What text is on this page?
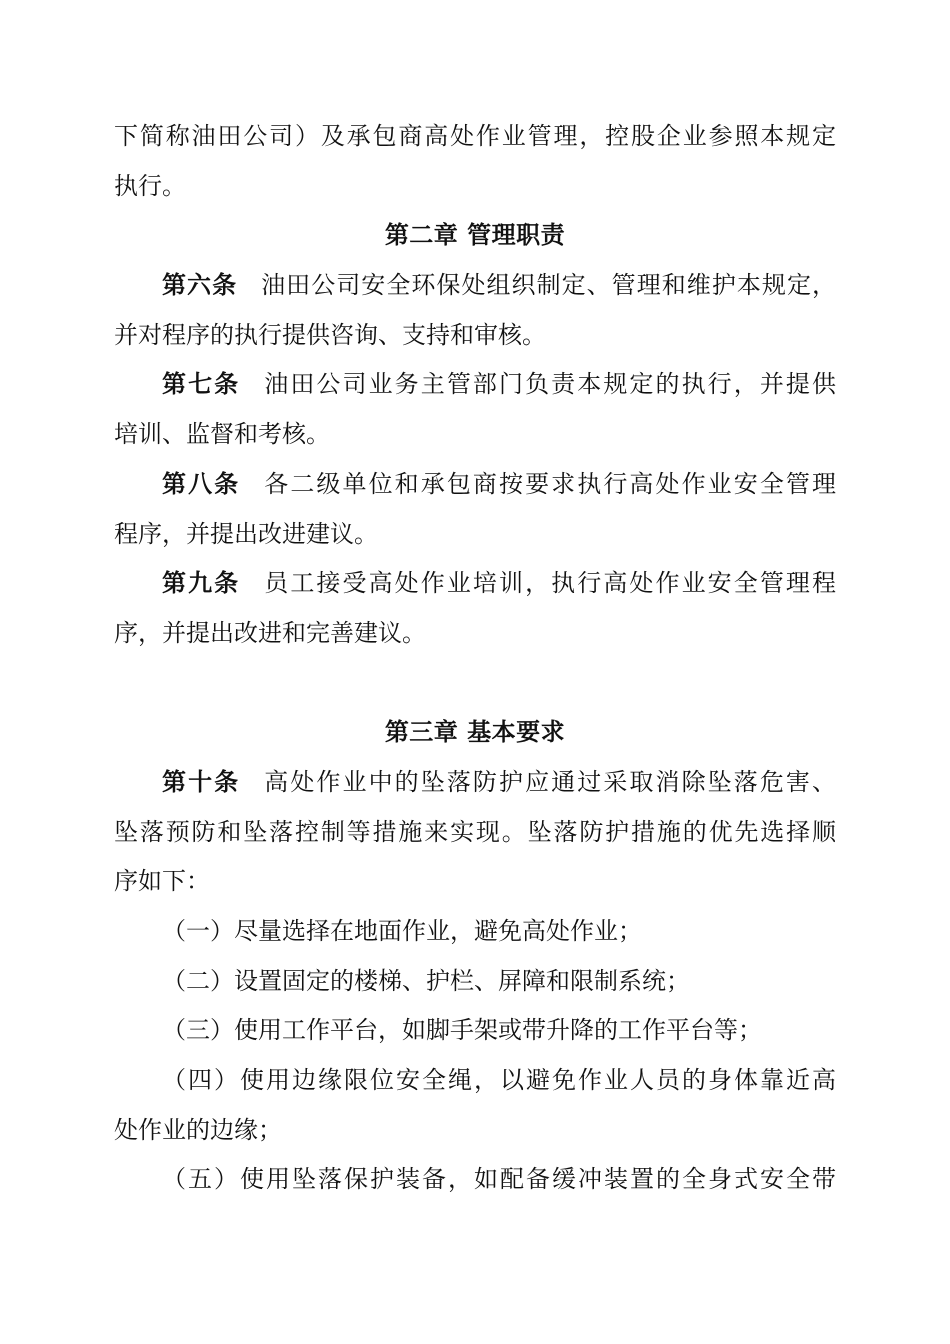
下简称油田公司）及承包商高处作业管理，控股企业参照本规定
执行。
第二章 管理职责
第六条 油田公司安全环保处组织制定、管理和维护本规定，
并对程序的执行提供咨询、支持和审核。
第七条 油田公司业务主管部门负责本规定的执行，并提供
培训、监督和考核。
第八条 各二级单位和承包商按要求执行高处作业安全管理
程序，并提出改进建议。
第九条 员工接受高处作业培训，执行高处作业安全管理程
序，并提出改进和完善建议。
第三章 基本要求
第十条 高处作业中的坠落防护应通过采取消除坠落危害、
坠落预防和坠落控制等措施来实现。坠落防护措施的优先选择顺
序如下：
（一）尽量选择在地面作业，避免高处作业；
（二）设置固定的楼梯、护栏、屏障和限制系统；
（三）使用工作平台，如脚手架或带升降的工作平台等；
（四）使用边缘限位安全绳，以避免作业人员的身体靠近高
处作业的边缘；
（五）使用坠落保护装备，如配备缓冲装置的全身式安全带
